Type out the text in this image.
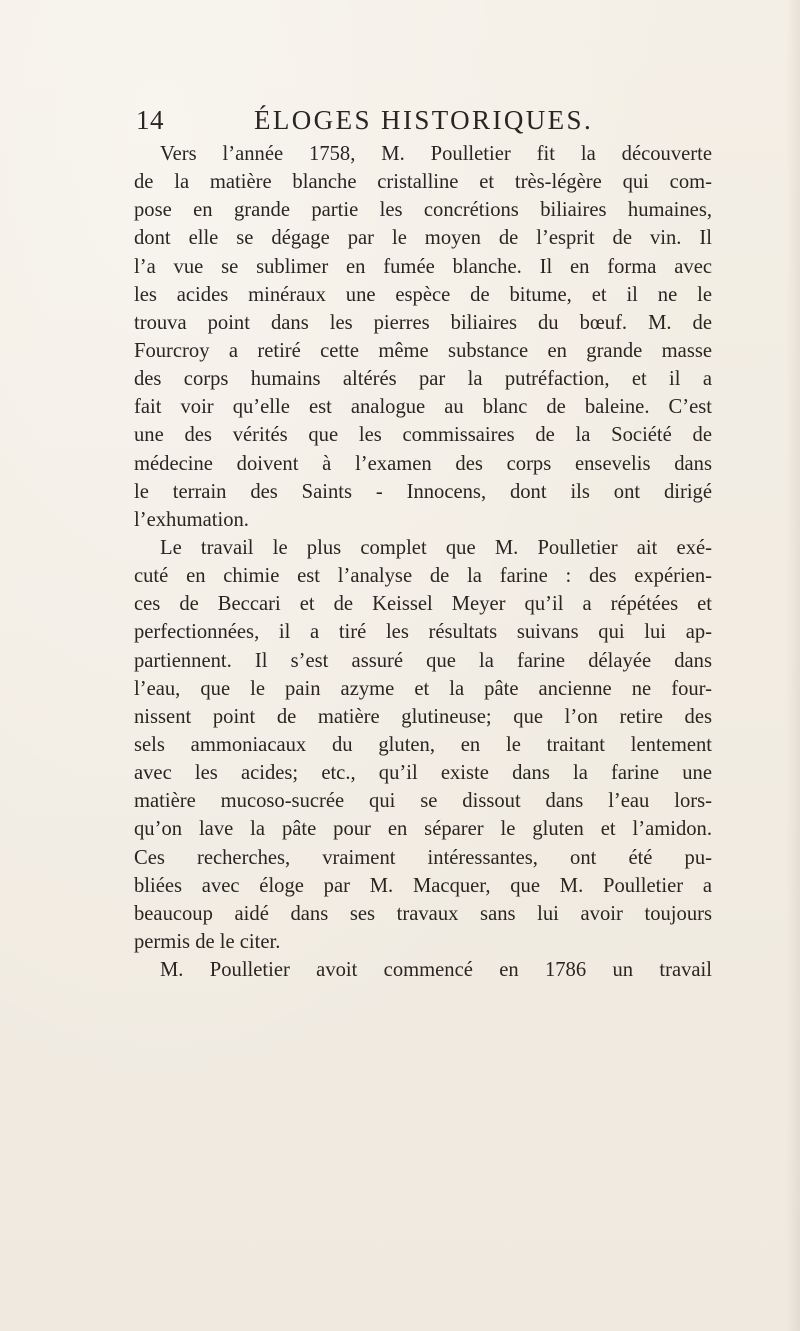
14	ÉLOGES HISTORIQUES.
Vers l’année 1758, M. Poulletier fit la découverte
de la matière blanche cristalline et très-légère qui com-
pose en grande partie les concrétions biliaires humaines,
dont elle se dégage par le moyen de l’esprit de vin. Il
l’a vue se sublimer en fumée blanche. Il en forma avec
les acides minéraux une espèce de bitume, et il ne le
trouva point dans les pierres biliaires du bœuf. M. de
Fourcroy a retiré cette même substance en grande masse
des corps humains altérés par la putréfaction, et il a
fait voir qu’elle est analogue au blanc de baleine. C’est
une des vérités que les commissaires de la Société de
médecine doivent à l’examen des corps ensevelis dans
le terrain des Saints - Innocens, dont ils ont dirigé
l’exhumation.
Le travail le plus complet que M. Poulletier ait exé-
cuté en chimie est l’analyse de la farine : des expérien-
ces de Beccari et de Keissel Meyer qu’il a répétées et
perfectionnées, il a tiré les résultats suivans qui lui ap-
partiennent. Il s’est assuré que la farine délayée dans
l’eau, que le pain azyme et la pâte ancienne ne four-
nissent point de matière glutineuse; que l’on retire des
sels ammoniacaux du gluten, en le traitant lentement
avec les acides; etc., qu’il existe dans la farine une
matière mucoso-sucrée qui se dissout dans l’eau lors-
qu’on lave la pâte pour en séparer le gluten et l’amidon.
Ces recherches, vraiment intéressantes, ont été pu-
bliées avec éloge par M. Macquer, que M. Poulletier a
beaucoup aidé dans ses travaux sans lui avoir toujours
permis de le citer.
M. Poulletier avoit commencé en 1786 un travail
